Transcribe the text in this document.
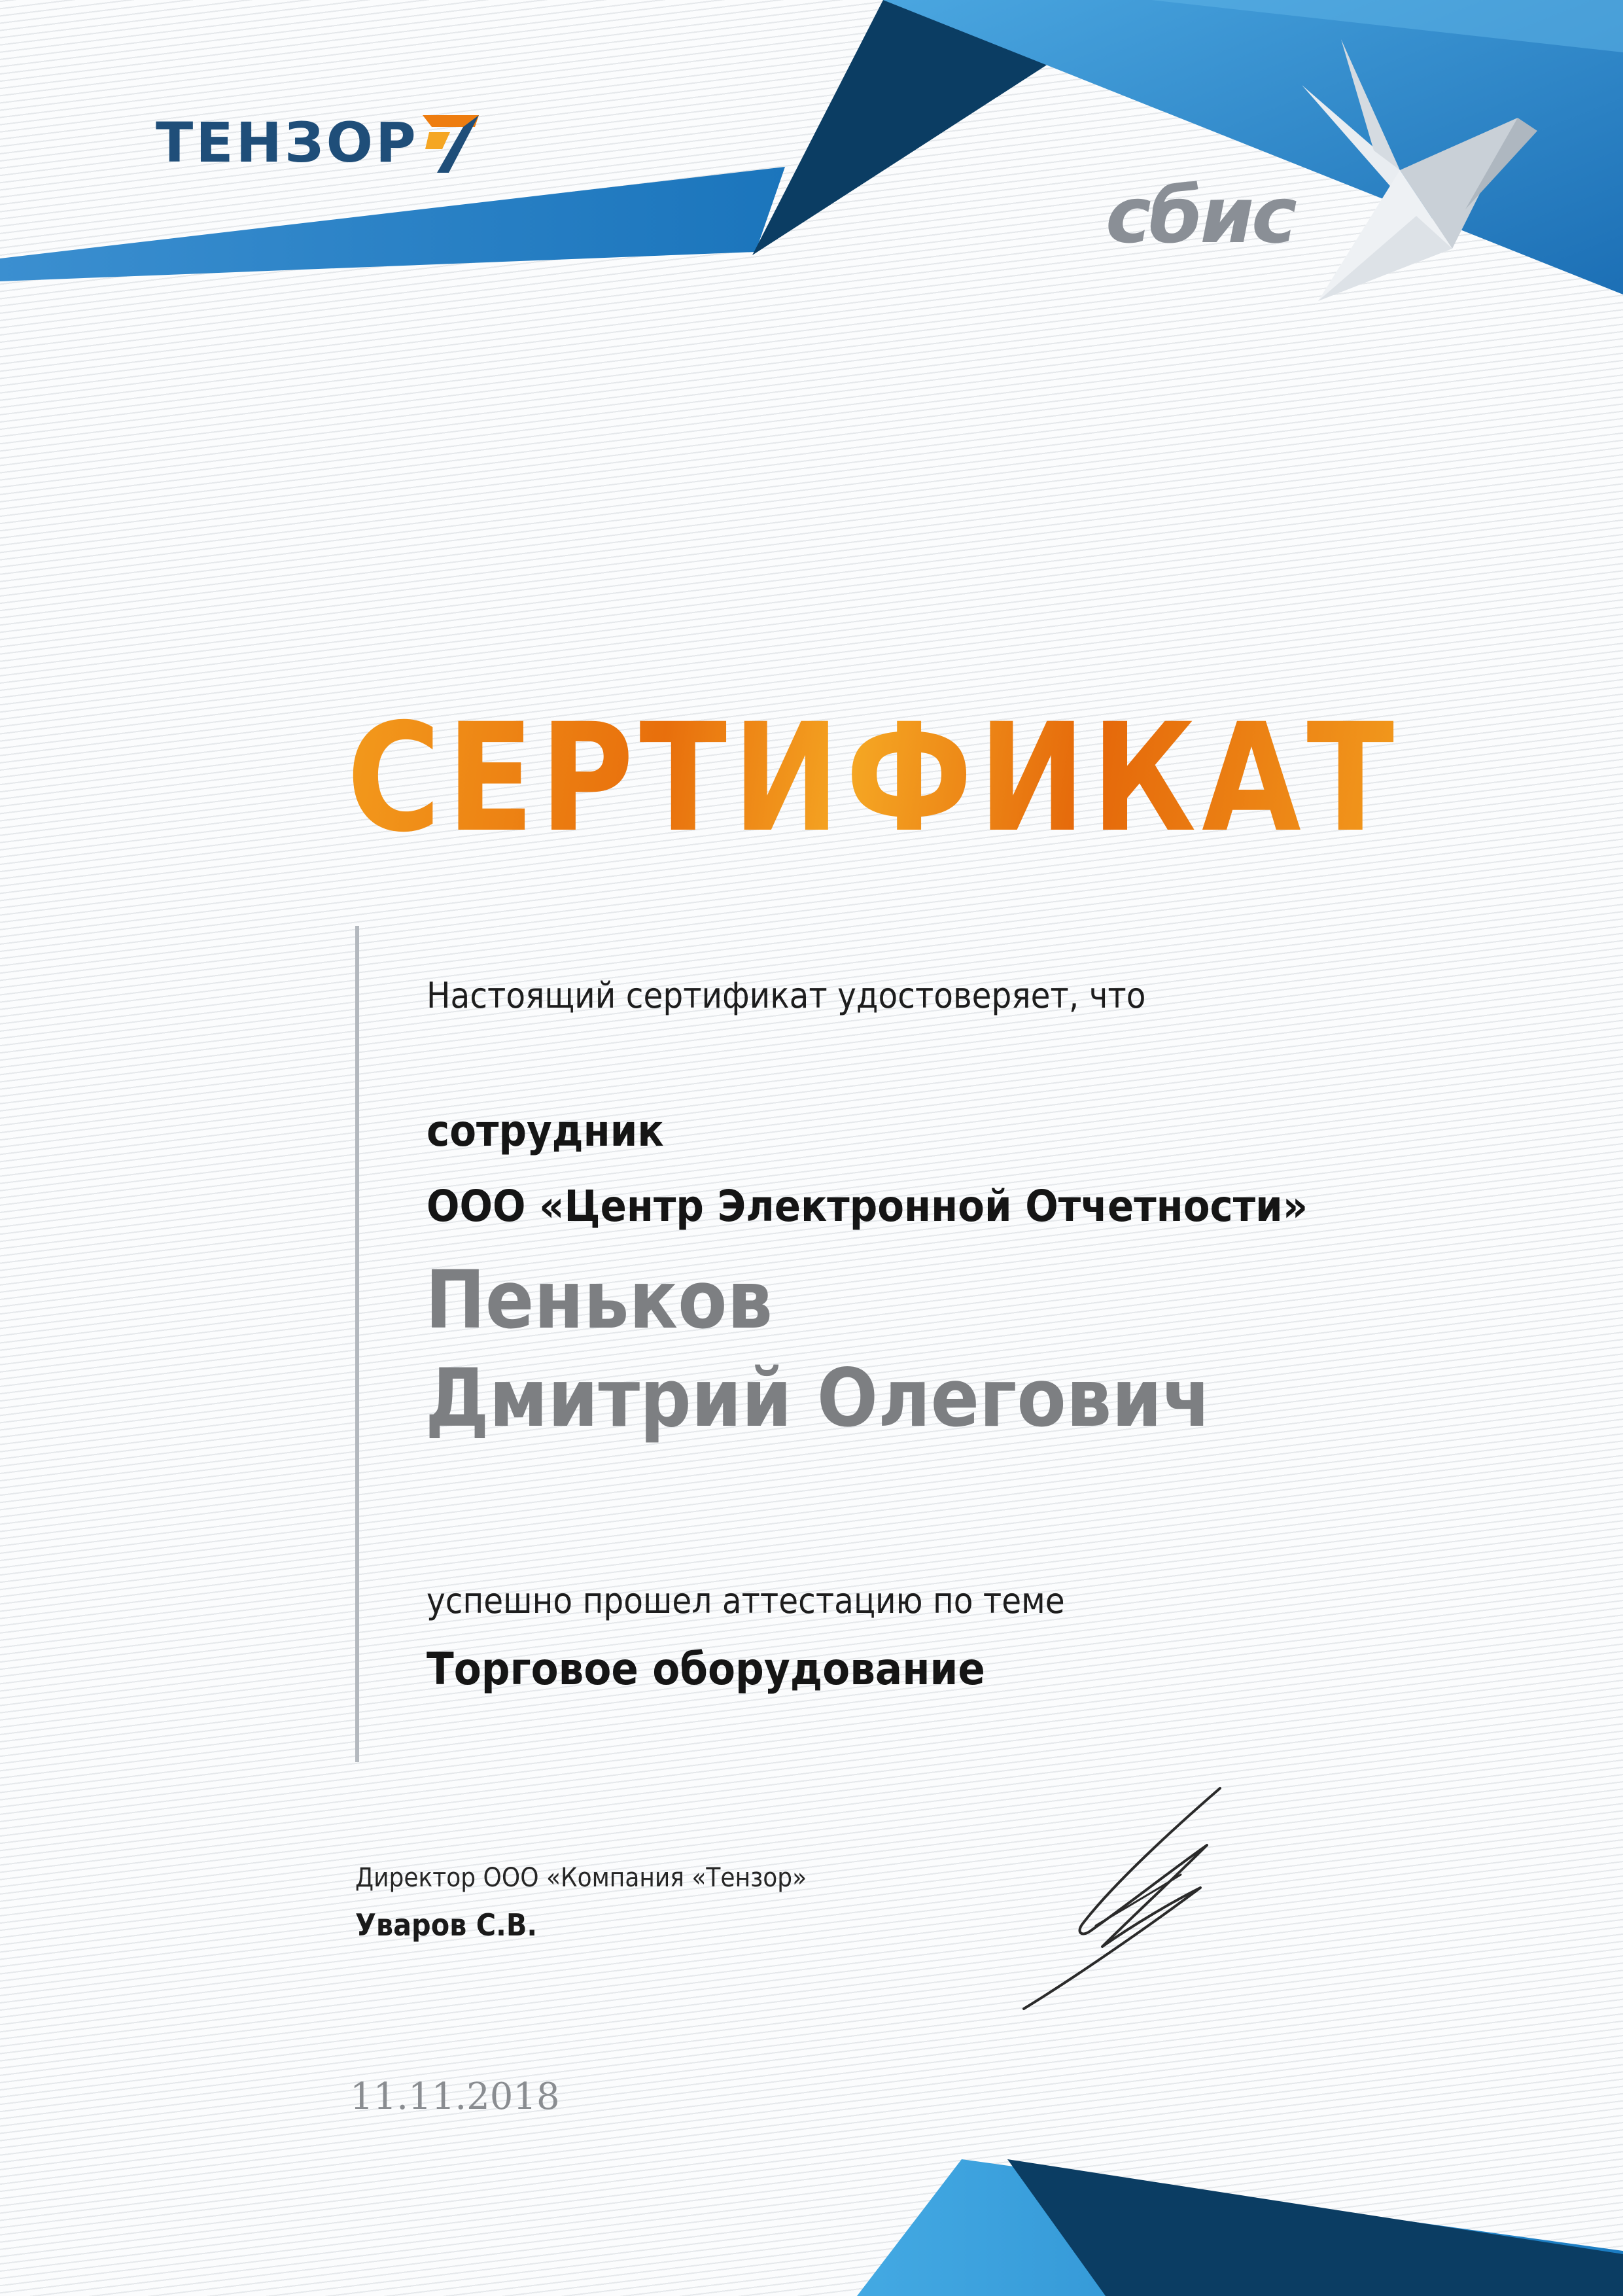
ТЕНЗОР
сбис
СЕРТИФИКАТ
Настоящий сертификат удостоверяет, что
сотрудник
ООО «Центр Электронной Отчетности»
Пеньков
Дмитрий Олегович
успешно прошел аттестацию по теме
Торговое оборудование
Директор ООО «Компания «Тензор»
Уваров С.В.
11.11.2018
